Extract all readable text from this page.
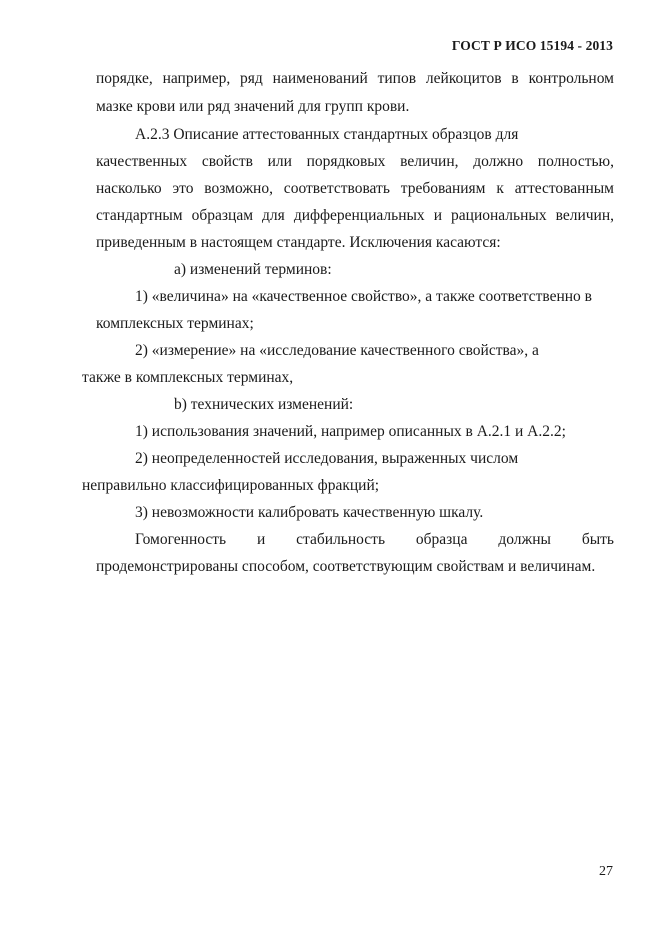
ГОСТ Р ИСО 15194 - 2013
порядке, например, ряд наименований типов лейкоцитов в контрольном
мазке крови или ряд значений для групп крови.
А.2.3 Описание аттестованных стандартных образцов для
качественных свойств или порядковых величин, должно полностью,
насколько это возможно, соответствовать требованиям к аттестованным
стандартным образцам для дифференциальных и рациональных величин,
приведенным в настоящем стандарте. Исключения касаются:
а) изменений терминов:
1) «величина» на «качественное свойство», а также соответственно в
комплексных терминах;
2) «измерение» на «исследование качественного свойства», а
также в комплексных терминах,
b) технических изменений:
1) использования значений, например описанных в А.2.1 и А.2.2;
2) неопределенностей исследования, выраженных числом
неправильно классифицированных фракций;
3) невозможности калибровать качественную шкалу.
Гомогенность и стабильность образца должны быть
продемонстрированы способом, соответствующим свойствам и величинам.
27
